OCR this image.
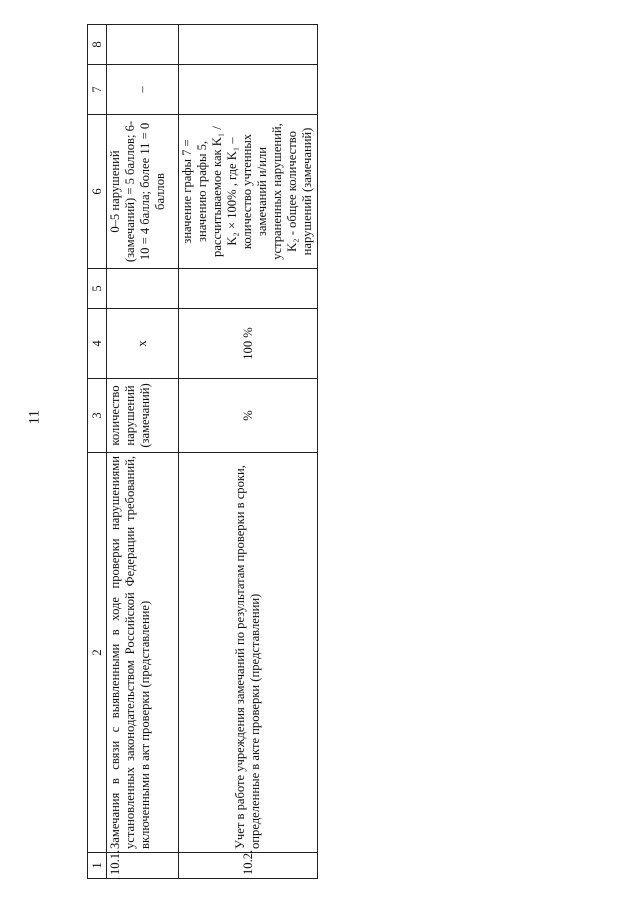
11
1	2	3	4	5	6	7	8
10.1.	Замечания в связи с выявленными в ходе проверки нарушениями установленных законодательством Российской Федерации требований, включенными в акт проверки (представление)	количество нарушений (замечаний)	х		0–5 нарушений (замечаний) = 5 баллов; 6-10 = 4 балла; более 11 = 0 баллов	–	
10.2.	Учет в работе учреждения замечаний по результатам проверки в сроки, определенные в акте проверки (представлении)	%	100 %		значение графы 7 = значению графы 5, рассчитываемое как K₁ / K₂ × 100% , где K₁ – количество учтенных замечаний и/или устраненных нарушений, K₂ - общее количество нарушений (замечаний)		
